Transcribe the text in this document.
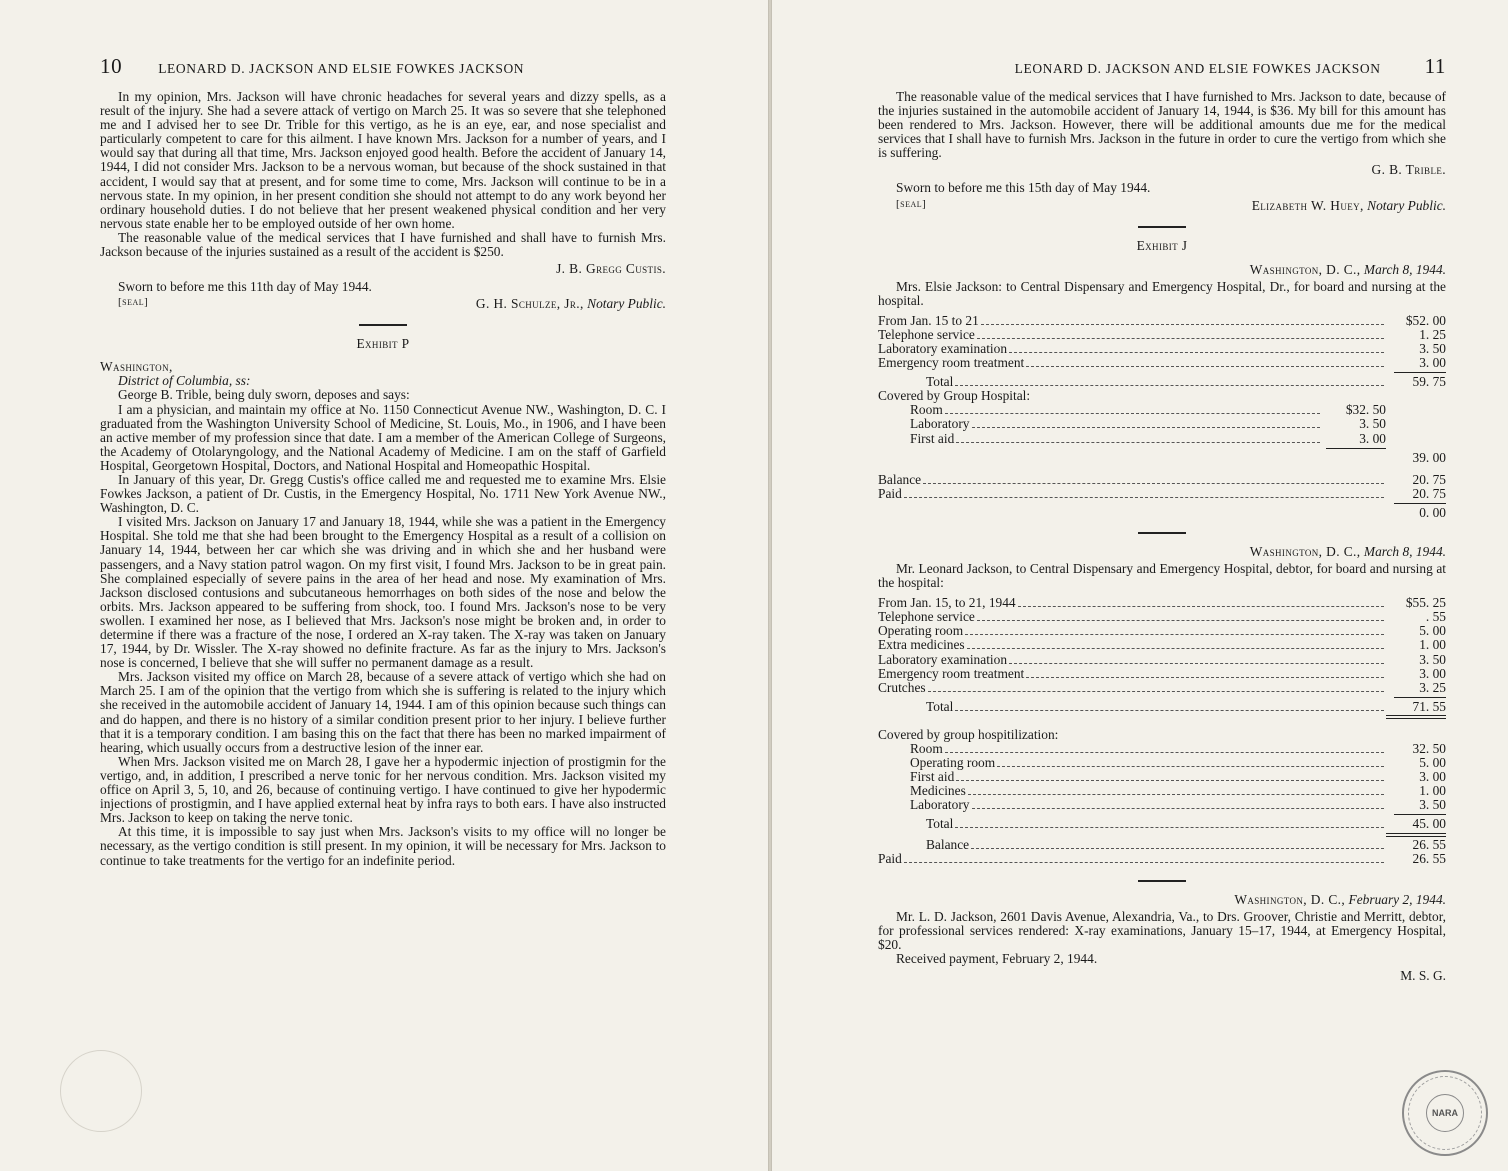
10	LEONARD D. JACKSON AND ELSIE FOWKES JACKSON

In my opinion, Mrs. Jackson will have chronic headaches for several years and dizzy spells, as a result of the injury. She had a severe attack of vertigo on March 25. It was so severe that she telephoned me and I advised her to see Dr. Trible for this vertigo, as he is an eye, ear, and nose specialist and particularly competent to care for this ailment. I have known Mrs. Jackson for a number of years, and I would say that during all that time, Mrs. Jackson enjoyed good health. Before the accident of January 14, 1944, I did not consider Mrs. Jackson to be a nervous woman, but because of the shock sustained in that accident, I would say that at present, and for some time to come, Mrs. Jackson will continue to be in a nervous state. In my opinion, in her present condition she should not attempt to do any work beyond her ordinary household duties. I do not believe that her present weakened physical condition and her very nervous state enable her to be employed outside of her own home.

The reasonable value of the medical services that I have furnished and shall have to furnish Mrs. Jackson because of the injuries sustained as a result of the accident is $250.

J. B. Gregg Custis.

Sworn to before me this 11th day of May 1944.

[seal]	G. H. Schulze, Jr., Notary Public.
Exhibit P

Washington,

District of Columbia, ss:

George B. Trible, being duly sworn, deposes and says:

I am a physician, and maintain my office at No. 1150 Connecticut Avenue NW., Washington, D. C. I graduated from the Washington University School of Medicine, St. Louis, Mo., in 1906, and I have been an active member of my profession since that date. I am a member of the American College of Surgeons, the Academy of Otolaryngology, and the National Academy of Medicine. I am on the staff of Garfield Hospital, Georgetown Hospital, Doctors, and National Hospital and Homeopathic Hospital.

In January of this year, Dr. Gregg Custis's office called me and requested me to examine Mrs. Elsie Fowkes Jackson, a patient of Dr. Custis, in the Emergency Hospital, No. 1711 New York Avenue NW., Washington, D. C.

I visited Mrs. Jackson on January 17 and January 18, 1944, while she was a patient in the Emergency Hospital. She told me that she had been brought to the Emergency Hospital as a result of a collision on January 14, 1944, between her car which she was driving and in which she and her husband were passengers, and a Navy station patrol wagon. On my first visit, I found Mrs. Jackson to be in great pain. She complained especially of severe pains in the area of her head and nose. My examination of Mrs. Jackson disclosed contusions and subcutaneous hemorrhages on both sides of the nose and below the orbits. Mrs. Jackson appeared to be suffering from shock, too. I found Mrs. Jackson's nose to be very swollen. I examined her nose, as I believed that Mrs. Jackson's nose might be broken and, in order to determine if there was a fracture of the nose, I ordered an X-ray taken. The X-ray was taken on January 17, 1944, by Dr. Wissler. The X-ray showed no definite fracture. As far as the injury to Mrs. Jackson's nose is concerned, I believe that she will suffer no permanent damage as a result.

Mrs. Jackson visited my office on March 28, because of a severe attack of vertigo which she had on March 25. I am of the opinion that the vertigo from which she is suffering is related to the injury which she received in the automobile accident of January 14, 1944. I am of this opinion because such things can and do happen, and there is no history of a similar condition present prior to her injury. I believe further that it is a temporary condition. I am basing this on the fact that there has been no marked impairment of hearing, which usually occurs from a destructive lesion of the inner ear.

When Mrs. Jackson visited me on March 28, I gave her a hypodermic injection of prostigmin for the vertigo, and, in addition, I prescribed a nerve tonic for her nervous condition. Mrs. Jackson visited my office on April 3, 5, 10, and 26, because of continuing vertigo. I have continued to give her hypodermic injections of prostigmin, and I have applied external heat by infra rays to both ears. I have also instructed Mrs. Jackson to keep on taking the nerve tonic.

At this time, it is impossible to say just when Mrs. Jackson's visits to my office will no longer be necessary, as the vertigo condition is still present. In my opinion, it will be necessary for Mrs. Jackson to continue to take treatments for the vertigo for an indefinite period.

LEONARD D. JACKSON AND ELSIE FOWKES JACKSON 11

The reasonable value of the medical services that I have furnished to Mrs. Jackson to date, because of the injuries sustained in the automobile accident of January 14, 1944, is $36. My bill for this amount has been rendered to Mrs. Jackson. However, there will be additional amounts due me for the medical services that I shall have to furnish Mrs. Jackson in the future in order to cure the vertigo from which she is suffering.

G. B. Trible.

Sworn to before me this 15th day of May 1944.

[seal]	Elizabeth W. Huey, Notary Public.
Exhibit J
Washington, D. C., March 8, 1944.

Mrs. Elsie Jackson: to Central Dispensary and Emergency Hospital, Dr., for board and nursing at the hospital.

From Jan. 15 to 21	$52. 00
Telephone service	1. 25
Laboratory examination	3. 50
Emergency room treatment	3. 00
Total	59. 75
Covered by Group Hospital:
Room	$32. 50
Laboratory	3. 50
First aid	3. 00
39. 00
Balance	20. 75
Paid	20. 75
0. 00
Washington, D. C., March 8, 1944.

Mr. Leonard Jackson, to Central Dispensary and Emergency Hospital, debtor, for board and nursing at the hospital:

From Jan. 15, to 21, 1944	$55. 25
Telephone service	. 55
Operating room	5. 00
Extra medicines	1. 00
Laboratory examination	3. 50
Emergency room treatment	3. 00
Crutches	3. 25
Total	71. 55
Covered by group hospitilization:
Room	32. 50
Operating room	5. 00
First aid	3. 00
Medicines	1. 00
Laboratory	3. 50
Total	45. 00
Balance	26. 55
Paid	26. 55
Washington, D. C., February 2, 1944.

Mr. L. D. Jackson, 2601 Davis Avenue, Alexandria, Va., to Drs. Groover, Christie and Merritt, debtor, for professional services rendered: X-ray examinations, January 15–17, 1944, at Emergency Hospital, $20.

Received payment, February 2, 1944.

M. S. G.
NARA
